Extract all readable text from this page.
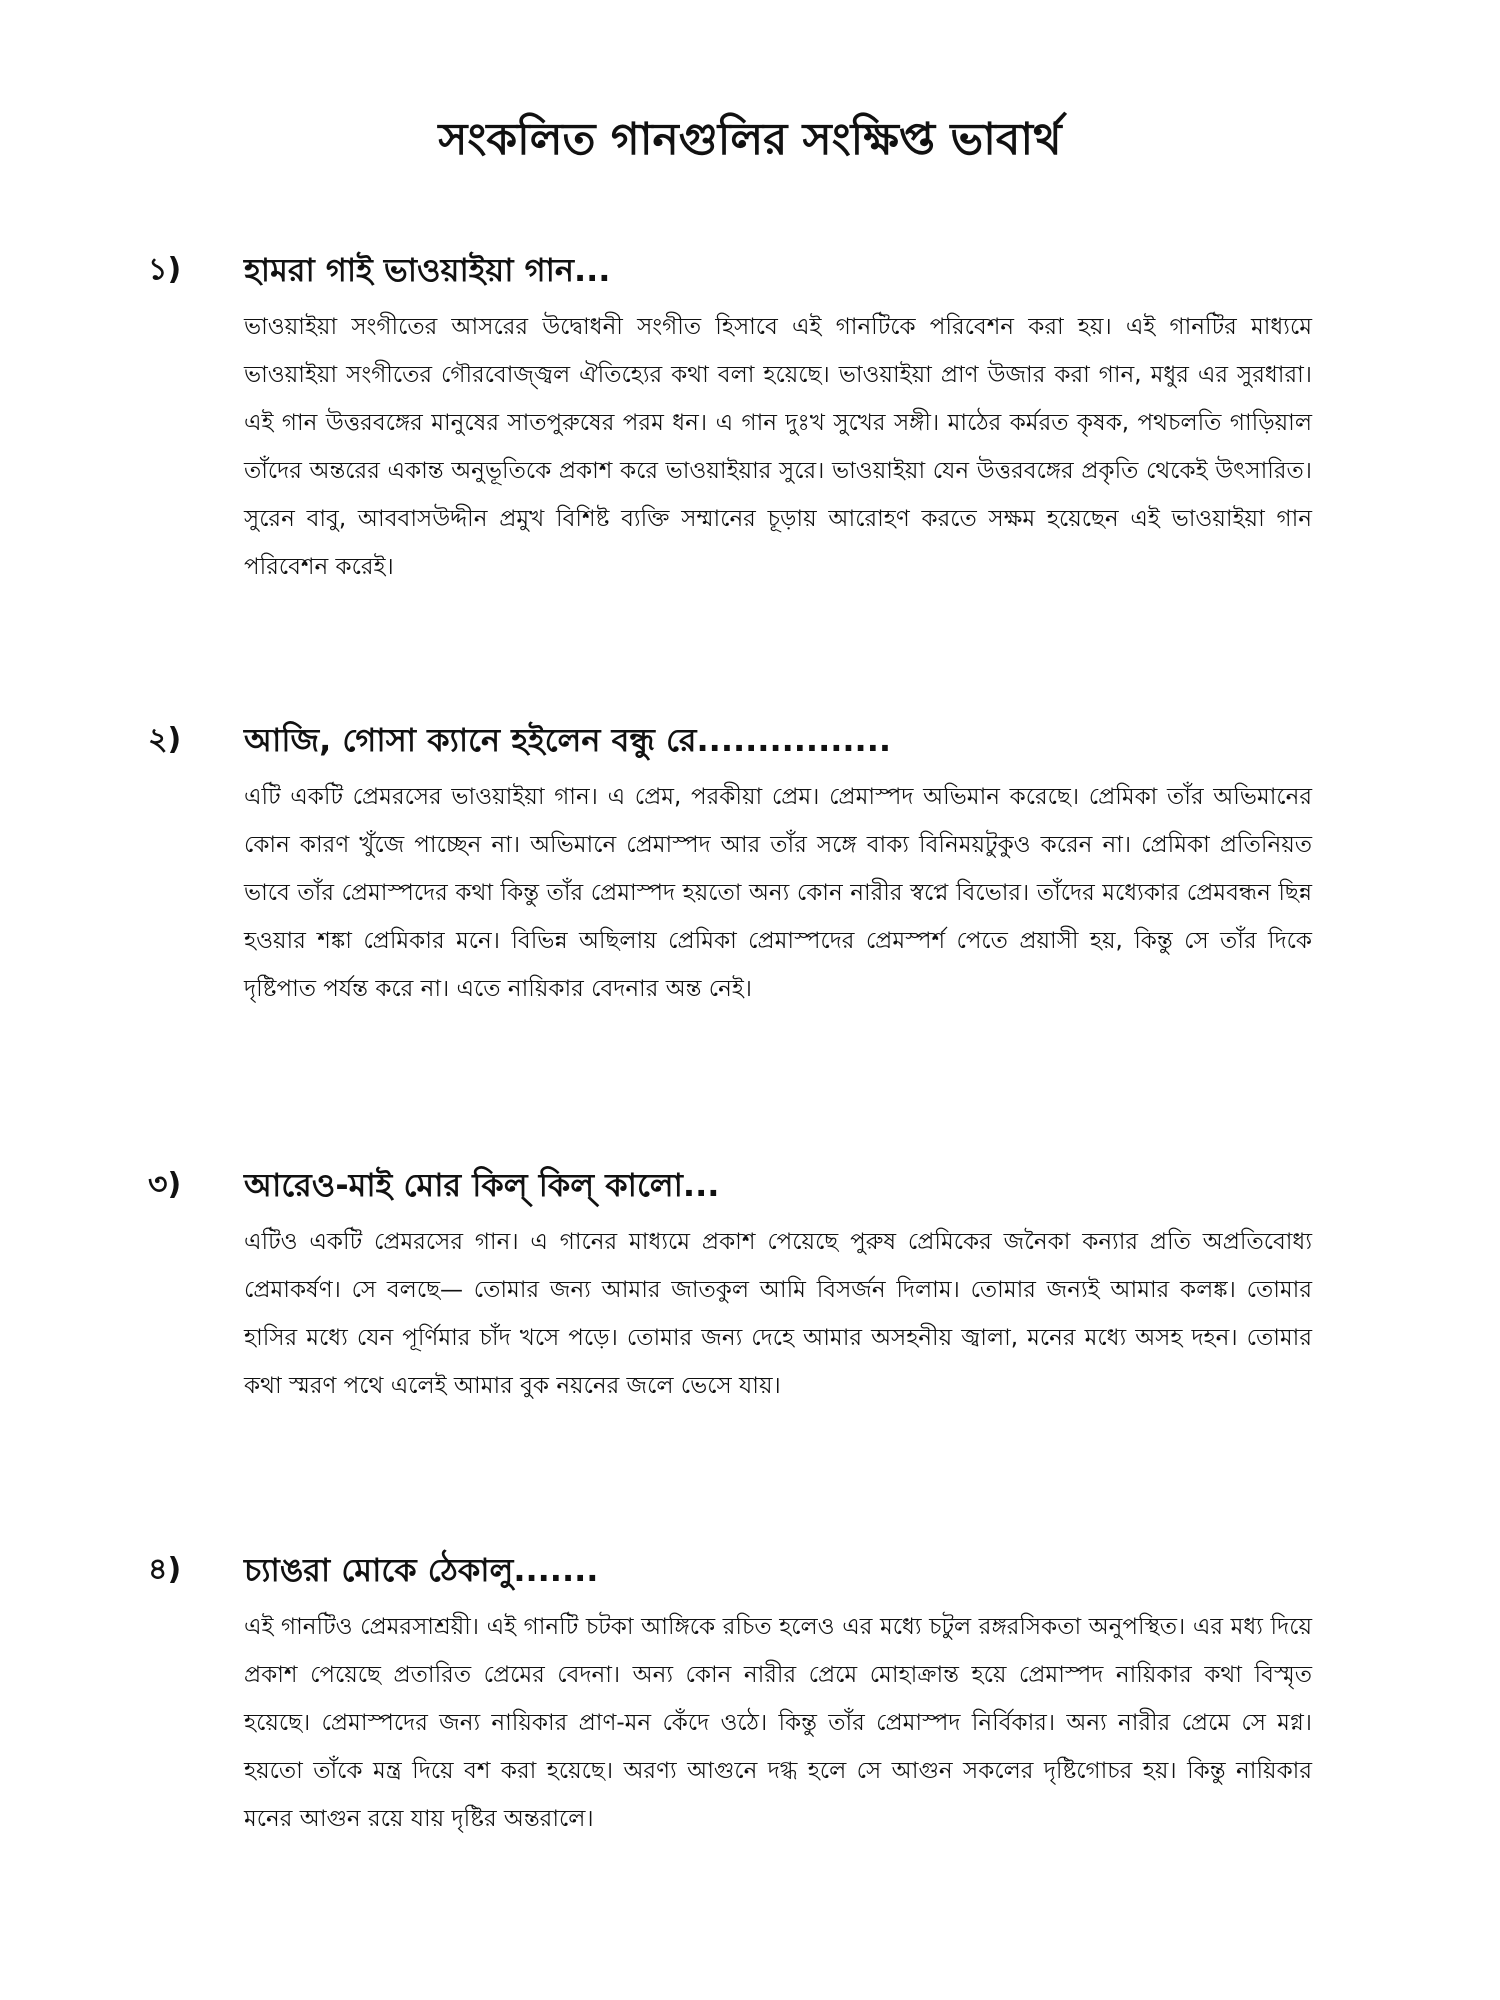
সংকলিত গানগুলির সংক্ষিপ্ত ভাবার্থ
১) হামরা গাই ভাওয়াইয়া গান...

ভাওয়াইয়া সংগীতের আসরের উদ্বোধনী সংগীত হিসাবে এই গানটিকে পরিবেশন করা হয়। এই গানটির মাধ্যমে ভাওয়াইয়া সংগীতের গৌরবোজ্জ্বল ঐতিহ্যের কথা বলা হয়েছে। ভাওয়াইয়া প্রাণ উজার করা গান, মধুর এর সুরধারা। এই গান উত্তরবঙ্গের মানুষের সাতপুরুষের পরম ধন। এ গান দুঃখ সুখের সঙ্গী। মাঠের কর্মরত কৃষক, পথচলতি গাড়িয়াল তাঁদের অন্তরের একান্ত অনুভূতিকে প্রকাশ করে ভাওয়াইয়ার সুরে। ভাওয়াইয়া যেন উত্তরবঙ্গের প্রকৃতি থেকেই উৎসারিত। সুরেন বাবু, আববাসউদ্দীন প্রমুখ বিশিষ্ট ব্যক্তি সম্মানের চূড়ায় আরোহণ করতে সক্ষম হয়েছেন এই ভাওয়াইয়া গান পরিবেশন করেই।

২) আজি, গোসা ক্যানে হইলেন বন্ধু রে................

এটি একটি প্রেমরসের ভাওয়াইয়া গান। এ প্রেম, পরকীয়া প্রেম। প্রেমাস্পদ অভিমান করেছে। প্রেমিকা তাঁর অভিমানের কোন কারণ খুঁজে পাচ্ছেন না। অভিমানে প্রেমাস্পদ আর তাঁর সঙ্গে বাক্য বিনিময়টুকুও করেন না। প্রেমিকা প্রতিনিয়ত ভাবে তাঁর প্রেমাস্পদের কথা কিন্তু তাঁর প্রেমাস্পদ হয়তো অন্য কোন নারীর স্বপ্নে বিভোর। তাঁদের মধ্যেকার প্রেমবন্ধন ছিন্ন হওয়ার শঙ্কা প্রেমিকার মনে। বিভিন্ন অছিলায় প্রেমিকা প্রেমাস্পদের প্রেমস্পর্শ পেতে প্রয়াসী হয়, কিন্তু সে তাঁর দিকে দৃষ্টিপাত পর্যন্ত করে না। এতে নায়িকার বেদনার অন্ত নেই।

৩) আরেও-মাই মোর কিল্ কিল্ কালো...

এটিও একটি প্রেমরসের গান। এ গানের মাধ্যমে প্রকাশ পেয়েছে পুরুষ প্রেমিকের জনৈকা কন্যার প্রতি অপ্রতিবোধ্য প্রেমাকর্ষণ। সে বলছে— তোমার জন্য আমার জাতকুল আমি বিসর্জন দিলাম। তোমার জন্যই আমার কলঙ্ক। তোমার হাসির মধ্যে যেন পূর্ণিমার চাঁদ খসে পড়ে। তোমার জন্য দেহে আমার অসহনীয় জ্বালা, মনের মধ্যে অসহ দহন। তোমার কথা স্মরণ পথে এলেই আমার বুক নয়নের জলে ভেসে যায়।

৪) চ্যাঙরা মোকে ঠেকালু.......

এই গানটিও প্রেমরসাশ্রয়ী। এই গানটি চটকা আঙ্গিকে রচিত হলেও এর মধ্যে চটুল রঙ্গরসিকতা অনুপস্থিত। এর মধ্য দিয়ে প্রকাশ পেয়েছে প্রতারিত প্রেমের বেদনা। অন্য কোন নারীর প্রেমে মোহাক্রান্ত হয়ে প্রেমাস্পদ নায়িকার কথা বিস্মৃত হয়েছে। প্রেমাস্পদের জন্য নায়িকার প্রাণ-মন কেঁদে ওঠে। কিন্তু তাঁর প্রেমাস্পদ নির্বিকার। অন্য নারীর প্রেমে সে মগ্ন। হয়তো তাঁকে মন্ত্র দিয়ে বশ করা হয়েছে। অরণ্য আগুনে দগ্ধ হলে সে আগুন সকলের দৃষ্টিগোচর হয়। কিন্তু নায়িকার মনের আগুন রয়ে যায় দৃষ্টির অন্তরালে।
